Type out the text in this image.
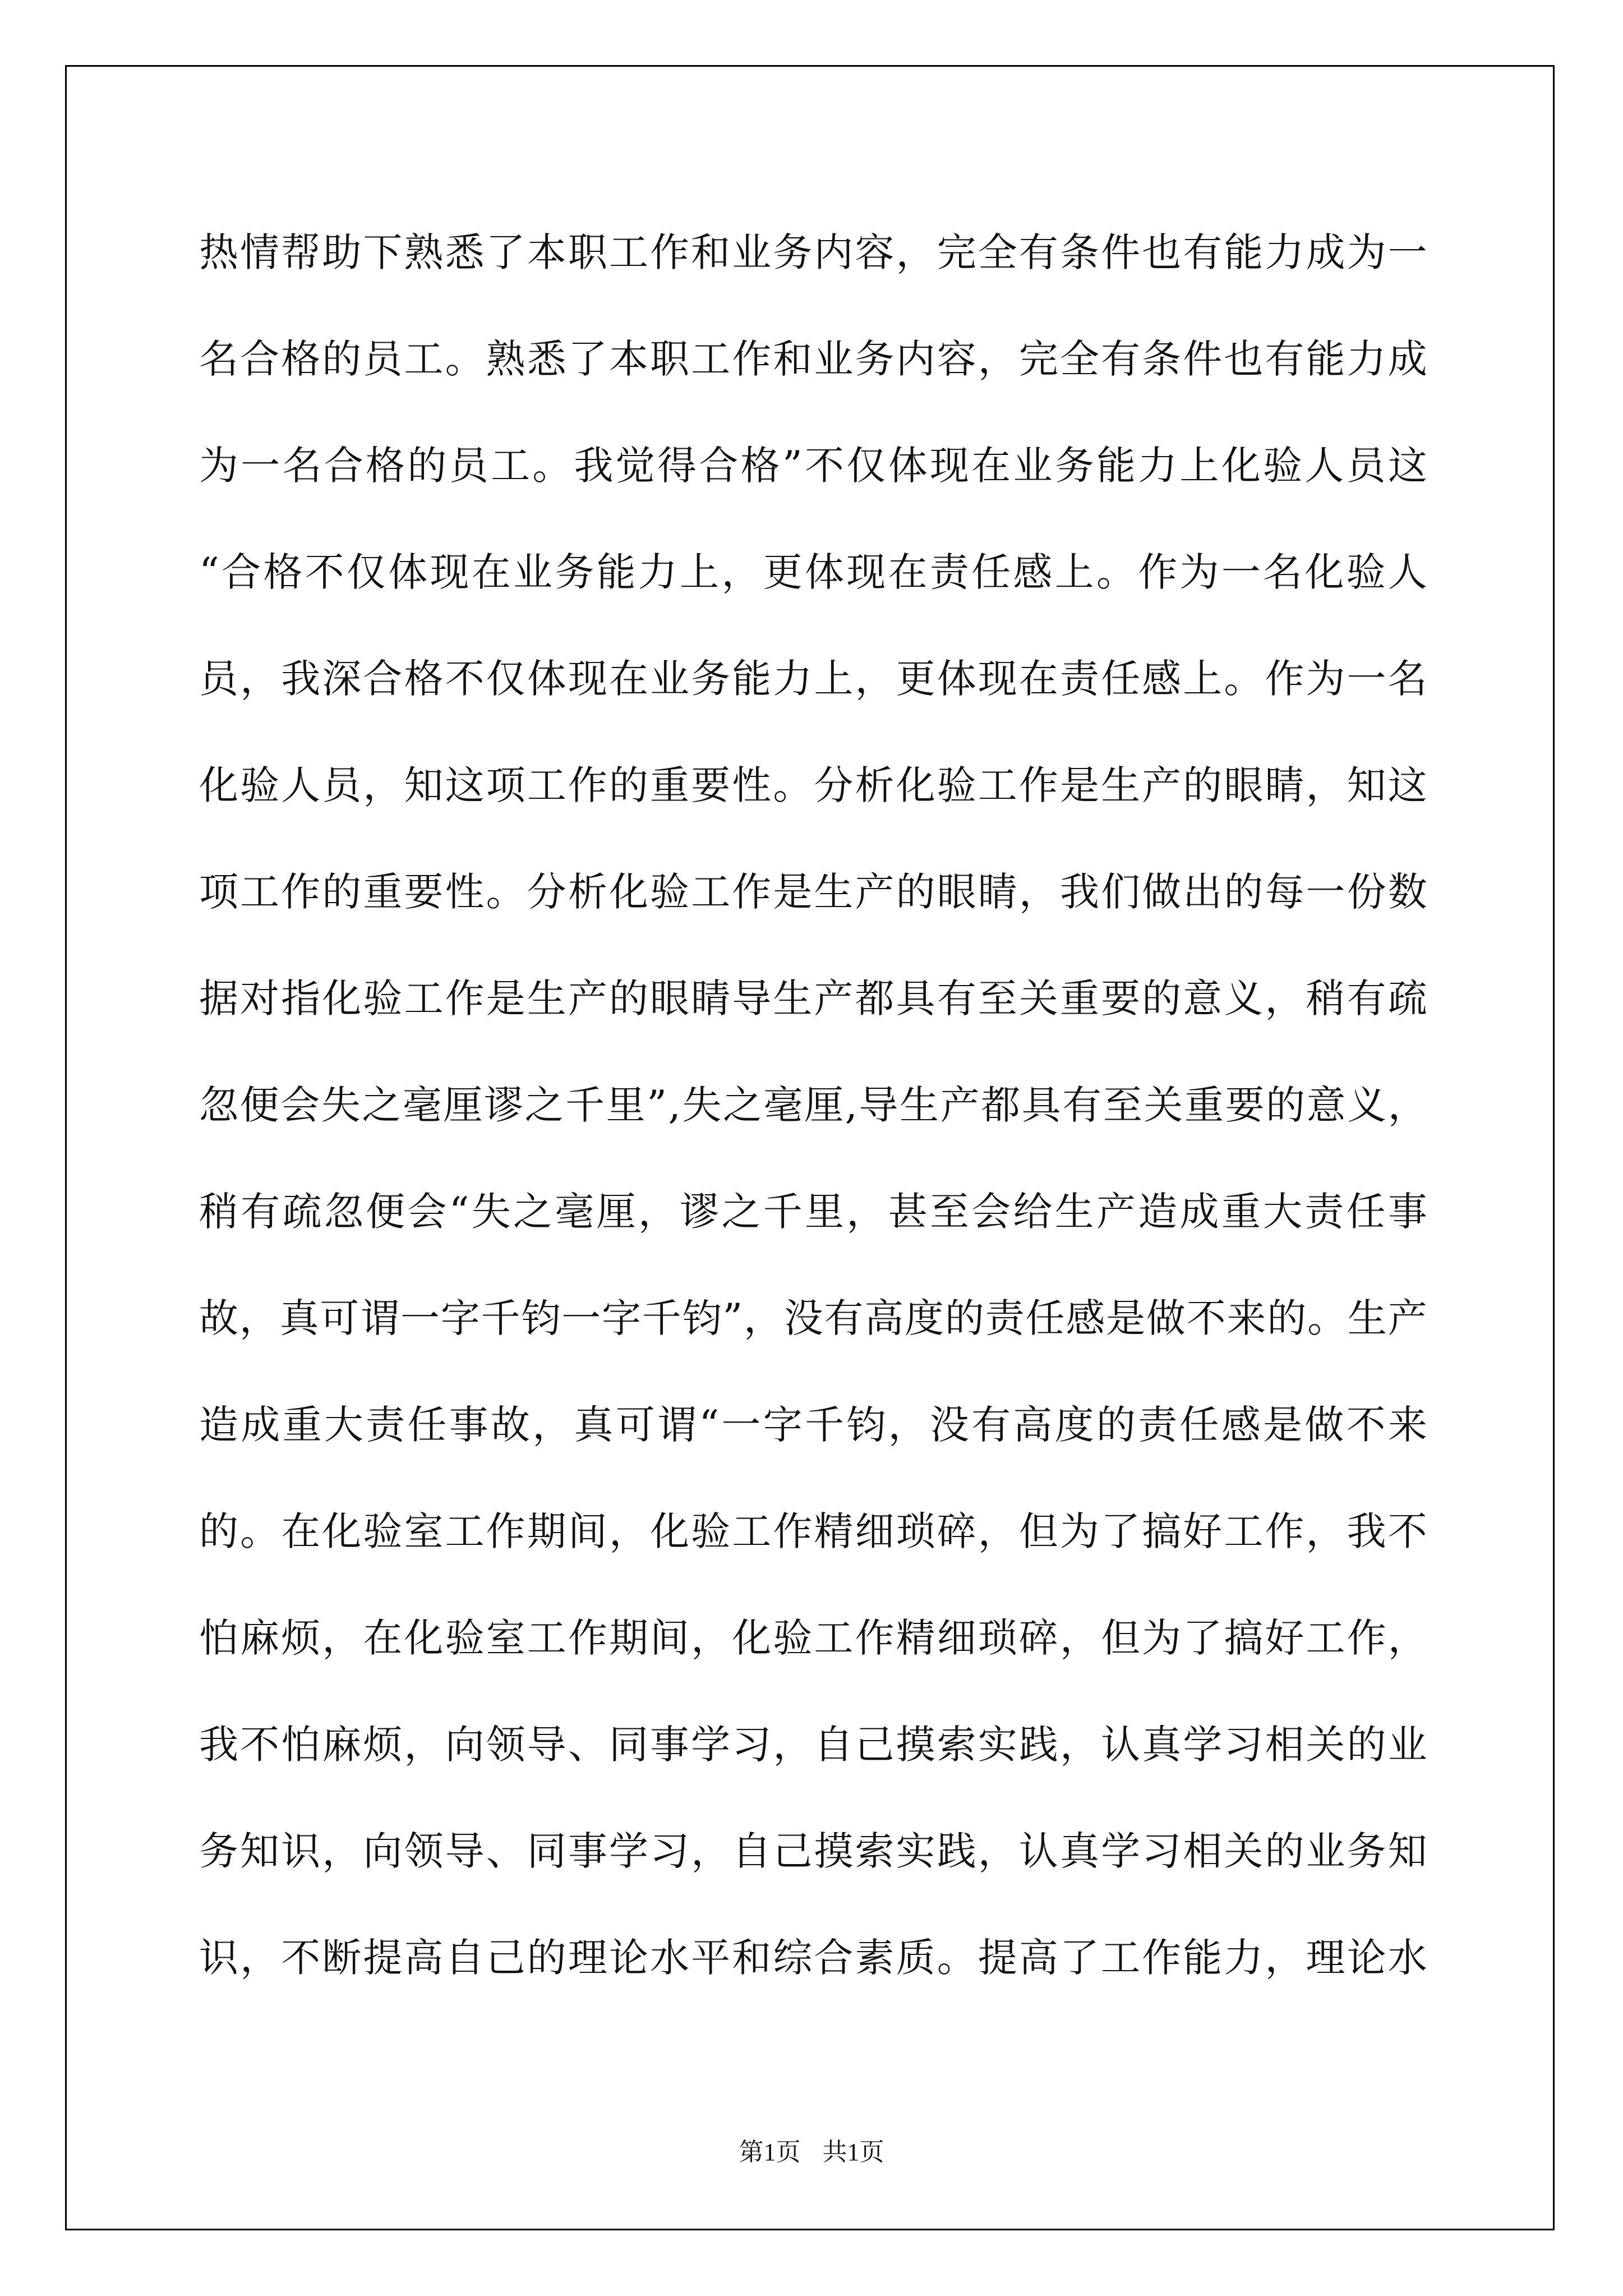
热 情 帮 助 下 熟 悉 了 本 职 工 作 和 业 务 内 容 ， 完 全 有 条 件 也 有 能 力 成 为 一
名 合 格 的 员 工 。 熟 悉 了 本 职 工 作 和 业 务 内 容 ， 完 全 有 条 件 也 有 能 力 成
为 一 名 合 格 的 员 工 。 我 觉 得 合 格 ” 不 仅 体 现 在 业 务 能 力 上 化 验 人 员 这
“ 合 格 不 仅 体 现 在 业 务 能 力 上 ， 更 体 现 在 责 任 感 上 。 作 为 一 名 化 验 人
员 ， 我 深 合 格 不 仅 体 现 在 业 务 能 力 上 ， 更 体 现 在 责 任 感 上 。 作 为 一 名
化 验 人 员 ， 知 这 项 工 作 的 重 要 性 。 分 析 化 验 工 作 是 生 产 的 眼 睛 ， 知 这
项 工 作 的 重 要 性 。 分 析 化 验 工 作 是 生 产 的 眼 睛 ， 我 们 做 出 的 每 一 份 数
据 对 指 化 验 工 作 是 生 产 的 眼 睛 导 生 产 都 具 有 至 关 重 要 的 意 义 ， 稍 有 疏
忽 便 会 失 之 毫 厘 谬 之 千 里 ” , 失 之 毫 厘 , 导 生 产 都 具 有 至 关 重 要 的 意 义 ，
稍 有 疏 忽 便 会 “ 失 之 毫 厘 ， 谬 之 千 里 ， 甚 至 会 给 生 产 造 成 重 大 责 任 事
故 ， 真 可 谓 一 字 千 钧 一 字 千 钧 ” ， 没 有 高 度 的 责 任 感 是 做 不 来 的 。 生 产
造 成 重 大 责 任 事 故 ， 真 可 谓 “ 一 字 千 钧 ， 没 有 高 度 的 责 任 感 是 做 不 来
的 。 在 化 验 室 工 作 期 间 ， 化 验 工 作 精 细 琐 碎 ， 但 为 了 搞 好 工 作 ， 我 不
怕 麻 烦 ， 在 化 验 室 工 作 期 间 ， 化 验 工 作 精 细 琐 碎 ， 但 为 了 搞 好 工 作 ，
我 不 怕 麻 烦 ， 向 领 导 、 同 事 学 习 ， 自 己 摸 索 实 践 ， 认 真 学 习 相 关 的 业
务 知 识 ， 向 领 导 、 同 事 学 习 ， 自 己 摸 索 实 践 ， 认 真 学 习 相 关 的 业 务 知
识 ， 不 断 提 高 自 己 的 理 论 水 平 和 综 合 素 质 。 提 高 了 工 作 能 力 ， 理 论 水
第1页 共1页
